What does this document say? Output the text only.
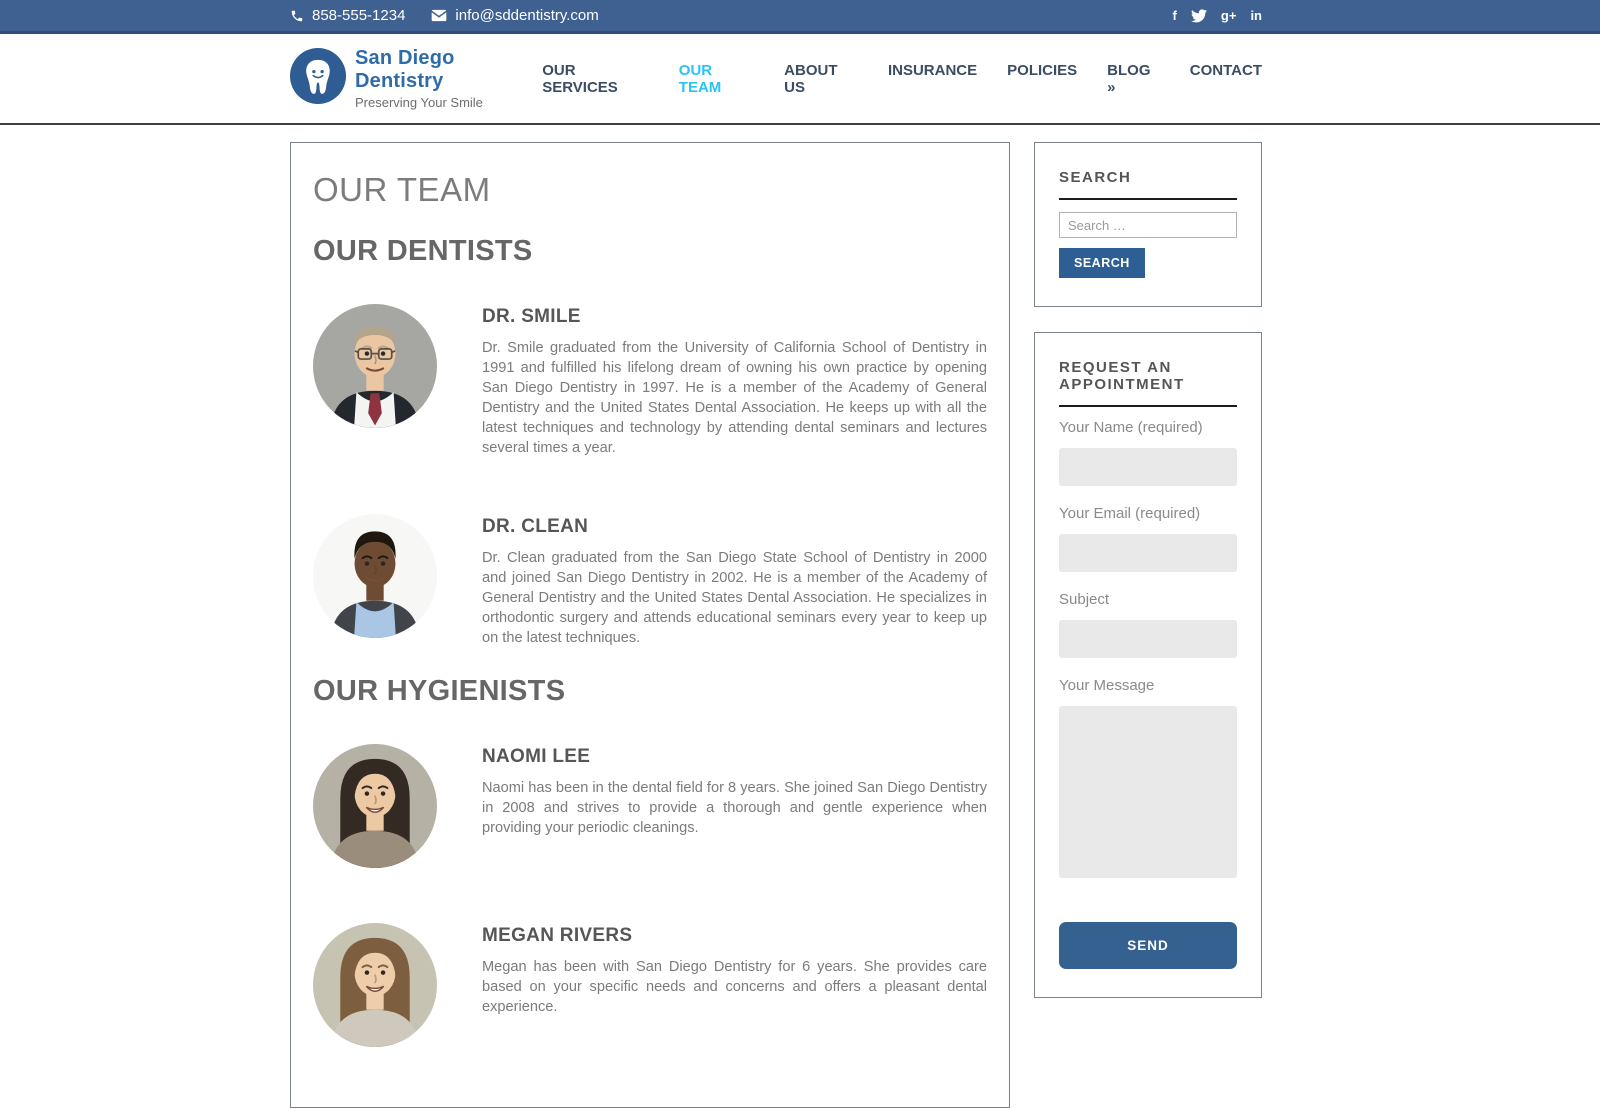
858-555-1234	info@sddentistry.com	f	g+ in
San Diego Dentistry
Preserving Your Smile
OUR SERVICES
OUR TEAM
ABOUT US
INSURANCE POLICIES BLOG »
CONTACT
OUR TEAM
OUR DENTISTS
DR. SMILE

Dr. Smile graduated from the University of California School of Dentistry in 1991 and fulfilled his lifelong dream of owning his own practice by opening San Diego Dentistry in 1997. He is a member of the Academy of General Dentistry and the United States Dental Association. He keeps up with all the latest techniques and technology by attending dental seminars and lectures several times a year.

DR. CLEAN

Dr. Clean graduated from the San Diego State School of Dentistry in 2000 and joined San Diego Dentistry in 2002. He is a member of the Academy of General Dentistry and the United States Dental Association. He specializes in orthodontic surgery and attends educational seminars every year to keep up on the latest techniques.

OUR HYGIENISTS
NAOMI LEE

Naomi has been in the dental field for 8 years. She joined San Diego Dentistry in 2008 and strives to provide a thorough and gentle experience when providing your periodic cleanings.

MEGAN RIVERS

Megan has been with San Diego Dentistry for 6 years. She provides care based on your specific needs and concerns and offers a pleasant dental experience.

SEARCH
Search … SEARCH
REQUEST AN APPOINTMENT
Your Name (required)
Your Email (required)
Subject
Your Message
SEND
